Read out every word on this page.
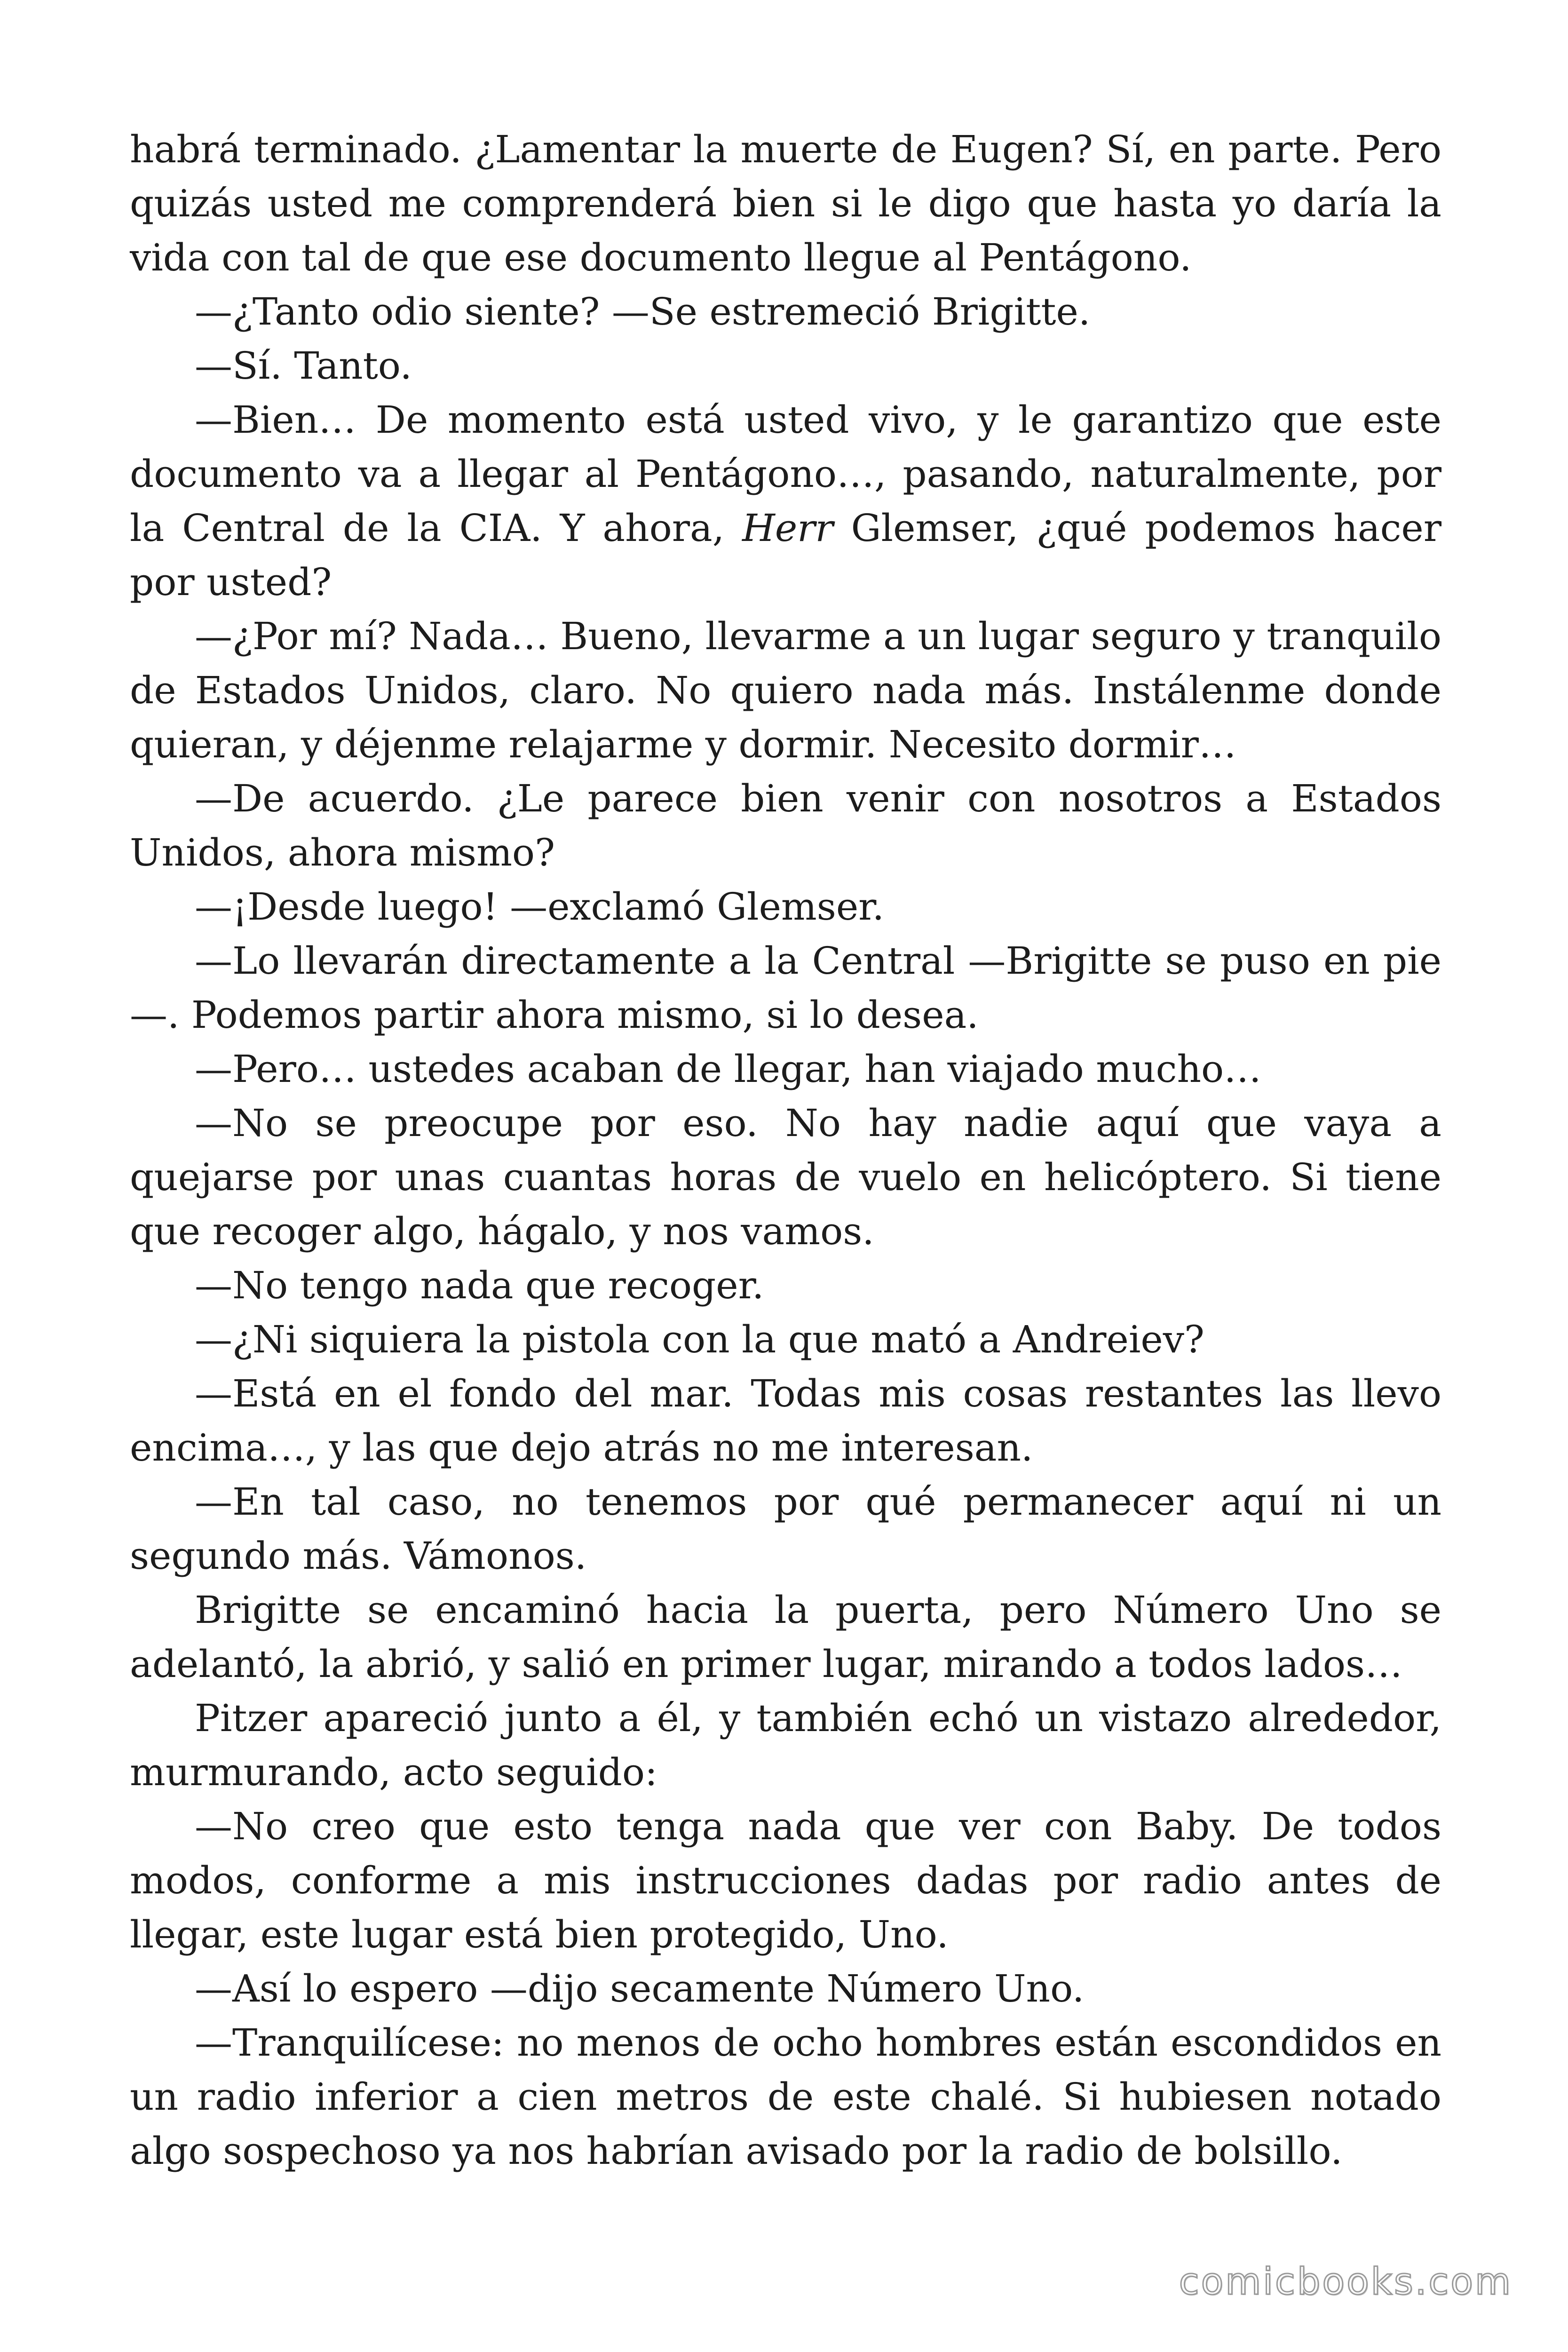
habrá terminado. ¿Lamentar la muerte de Eugen? Sí, en parte. Pero quizás usted me comprenderá bien si le digo que hasta yo daría la vida con tal de que ese documento llegue al Pentágono.

—¿Tanto odio siente? —Se estremeció Brigitte.

—Sí. Tanto.

—Bien… De momento está usted vivo, y le garantizo que este documento va a llegar al Pentágono…, pasando, naturalmente, por la Central de la CIA. Y ahora, Herr Glemser, ¿qué podemos hacer por usted?

—¿Por mí? Nada… Bueno, llevarme a un lugar seguro y tranquilo de Estados Unidos, claro. No quiero nada más. Instálenme donde quieran, y déjenme relajarme y dormir. Necesito dormir…

—De acuerdo. ¿Le parece bien venir con nosotros a Estados Unidos, ahora mismo?

—¡Desde luego! —exclamó Glemser.

—Lo llevarán directamente a la Central —Brigitte se puso en pie—. Podemos partir ahora mismo, si lo desea.

—Pero… ustedes acaban de llegar, han viajado mucho…

—No se preocupe por eso. No hay nadie aquí que vaya a quejarse por unas cuantas horas de vuelo en helicóptero. Si tiene que recoger algo, hágalo, y nos vamos.

—No tengo nada que recoger.

—¿Ni siquiera la pistola con la que mató a Andreiev?

—Está en el fondo del mar. Todas mis cosas restantes las llevo encima…, y las que dejo atrás no me interesan.

—En tal caso, no tenemos por qué permanecer aquí ni un segundo más. Vámonos.

Brigitte se encaminó hacia la puerta, pero Número Uno se adelantó, la abrió, y salió en primer lugar, mirando a todos lados…

Pitzer apareció junto a él, y también echó un vistazo alrededor, murmurando, acto seguido:

—No creo que esto tenga nada que ver con Baby. De todos modos, conforme a mis instrucciones dadas por radio antes de llegar, este lugar está bien protegido, Uno.

—Así lo espero —dijo secamente Número Uno.

—Tranquilícese: no menos de ocho hombres están escondidos en un radio inferior a cien metros de este chalé. Si hubiesen notado algo sospechoso ya nos habrían avisado por la radio de bolsillo.

comicbooks.com
